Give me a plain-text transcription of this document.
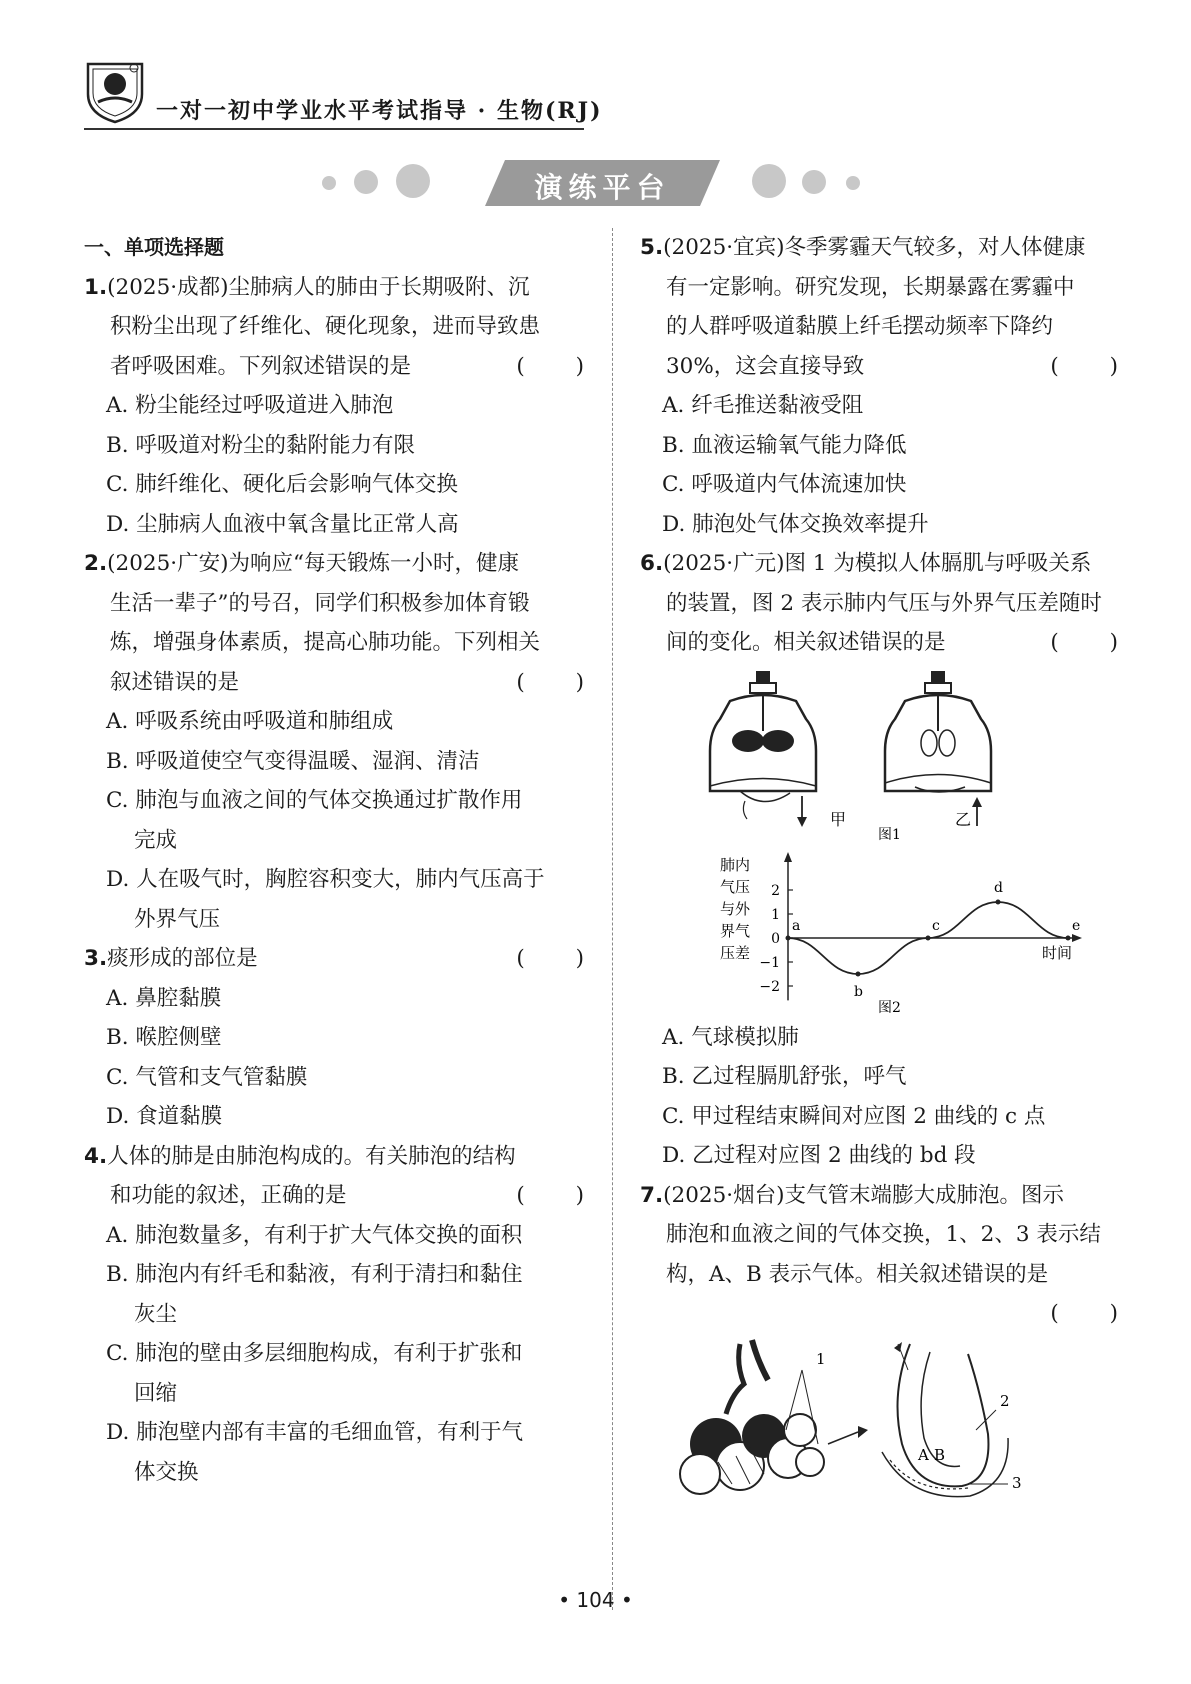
一对一初中学业水平考试指导 · 生物(RJ)
演练平台
一、单项选择题

1.(2025·成都)尘肺病人的肺由于长期吸附、沉

积粉尘出现了纤维化、硬化现象，进而导致患

者呼吸困难。下列叙述错误的是	( )

A. 粉尘能经过呼吸道进入肺泡

B. 呼吸道对粉尘的黏附能力有限

C. 肺纤维化、硬化后会影响气体交换

D. 尘肺病人血液中氧含量比正常人高

2.(2025·广安)为响应“每天锻炼一小时，健康

生活一辈子”的号召，同学们积极参加体育锻

炼，增强身体素质，提高心肺功能。下列相关

叙述错误的是	( )

A. 呼吸系统由呼吸道和肺组成

B. 呼吸道使空气变得温暖、湿润、清洁

C. 肺泡与血液之间的气体交换通过扩散作用

完成

D. 人在吸气时，胸腔容积变大，肺内气压高于

外界气压

3.痰形成的部位是	( )

A. 鼻腔黏膜

B. 喉腔侧壁

C. 气管和支气管黏膜

D. 食道黏膜

4.人体的肺是由肺泡构成的。有关肺泡的结构

和功能的叙述，正确的是	( )

A. 肺泡数量多，有利于扩大气体交换的面积

B. 肺泡内有纤毛和黏液，有利于清扫和黏住

灰尘

C. 肺泡的壁由多层细胞构成，有利于扩张和

回缩

D. 肺泡壁内部有丰富的毛细血管，有利于气

体交换

5.(2025·宜宾)冬季雾霾天气较多，对人体健康

有一定影响。研究发现，长期暴露在雾霾中

的人群呼吸道黏膜上纤毛摆动频率下降约

30%，这会直接导致	( )

A. 纤毛推送黏液受阻

B. 血液运输氧气能力降低

C. 呼吸道内气体流速加快

D. 肺泡处气体交换效率提升

6.(2025·广元)图 1 为模拟人体膈肌与呼吸关系

的装置，图 2 表示肺内气压与外界气压差随时

间的变化。相关叙述错误的是	( )

甲	乙
图1
肺内
气压
与外
界气
压差
2
1
0
−1
−2
a
b
c
d
e
时间
图2

A. 气球模拟肺

B. 乙过程膈肌舒张，呼气

C. 甲过程结束瞬间对应图 2 曲线的 c 点

D. 乙过程对应图 2 曲线的 bd 段

7.(2025·烟台)支气管末端膨大成肺泡。图示

肺泡和血液之间的气体交换，1、2、3 表示结

构，A、B 表示气体。相关叙述错误的是

( )

1
2
3
A B
• 104 •
